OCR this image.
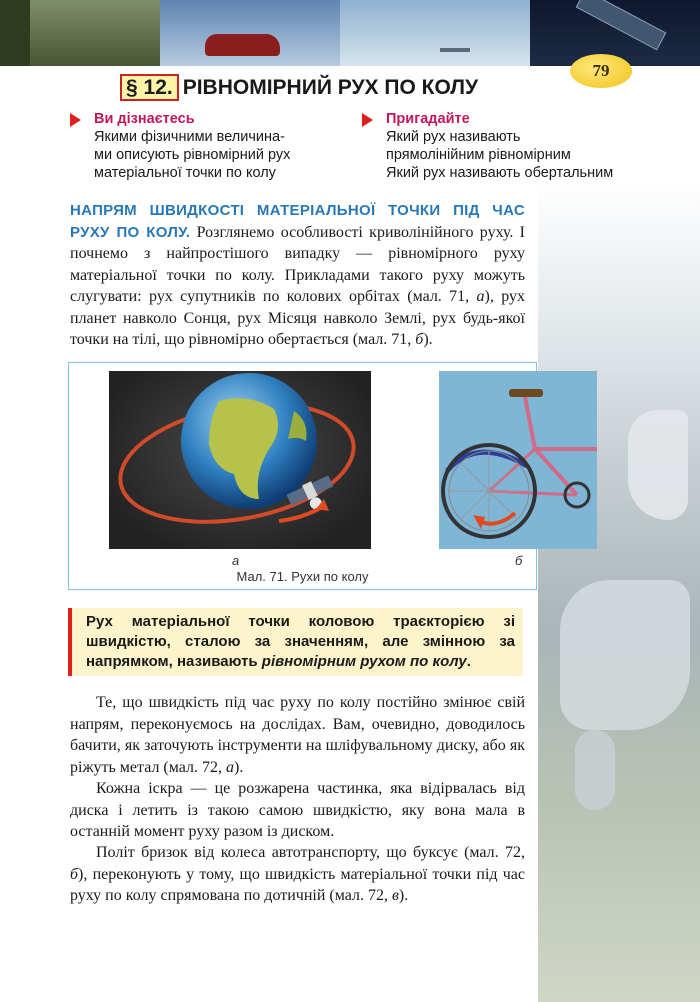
79
§ 12. РІВНОМІРНИЙ РУХ ПО КОЛУ
Ви дізнаєтесь
Якими фізичними величина-
ми описують рівномірний рух
матеріальної точки по колу
Пригадайте
Який рух називають
прямолінійним рівномірним
Який рух називають обертальним
НАПРЯМ ШВИДКОСТІ МАТЕРІАЛЬНОЇ ТОЧКИ ПІД ЧАС РУХУ ПО КОЛУ. Розглянемо особливості криволінійного руху. І почнемо з найпростішого випадку — рівномірного руху матеріальної точки по колу. Прикладами такого руху можуть слугувати: рух супутників по колових орбітах (мал. 71, а), рух планет навколо Сонця, рух Місяця навколо Землі, рух будь-якої точки на тілі, що рівномірно обертається (мал. 71, б).
а	б
Мал. 71. Рухи по колу
Рух матеріальної точки коловою траєкторією зі швидкістю, сталою за значенням, але змінною за напрямком, називають рівномірним рухом по колу.
Те, що швидкість під час руху по колу постійно змінює свій напрям, переконуємось на дослідах. Вам, очевидно, доводилось бачити, як заточують інструменти на шліфувальному диску, або як ріжуть метал (мал. 72, а).
Кожна іскра — це розжарена частинка, яка відірвалась від диска і летить із такою самою швидкістю, яку вона мала в останній момент руху разом із диском.
Політ бризок від колеса автотранспорту, що буксує (мал. 72, б), переконують у тому, що швидкість матеріальної точки під час руху по колу спрямована по дотичній (мал. 72, в).
